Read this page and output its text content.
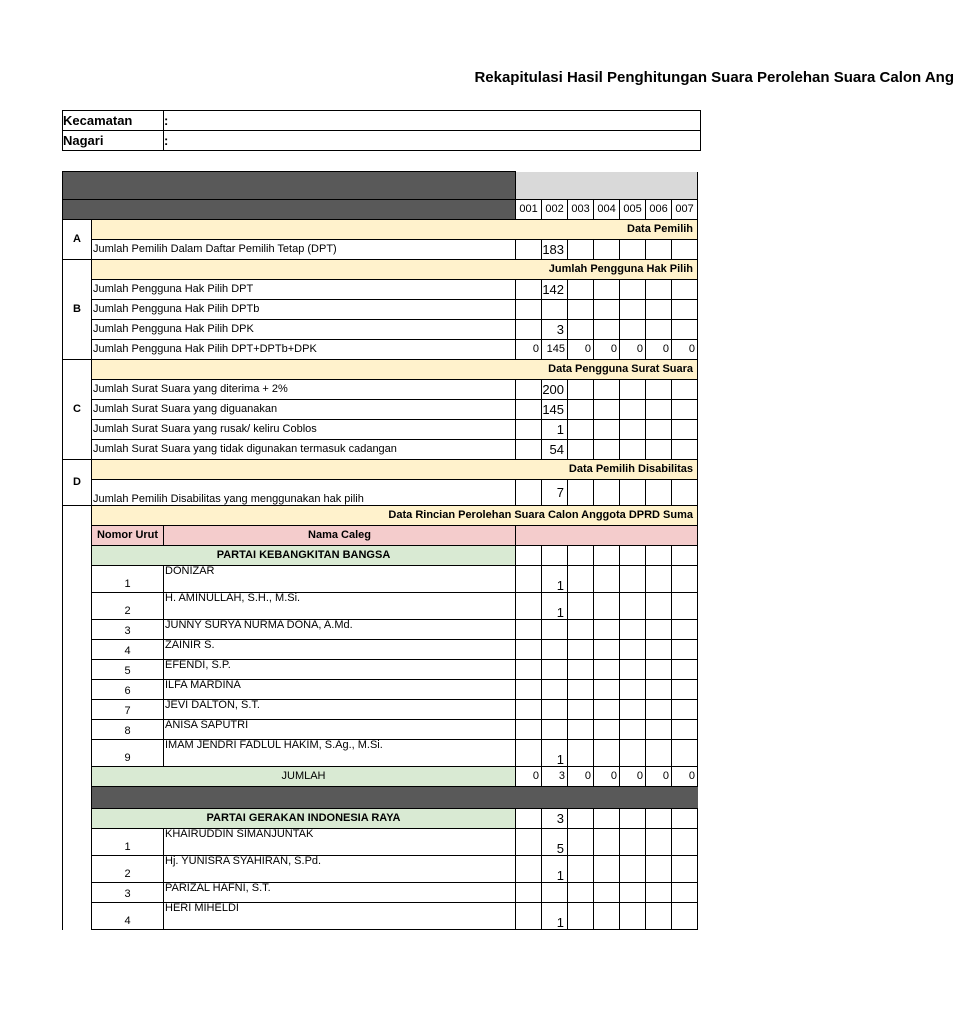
Rekapitulasi Hasil Penghitungan Suara Perolehan Suara Calon Ang
Kecamatan	:
Nagari	:

			001	002	003	004	005	006	007
A	Data Pemilih								
	Jumlah Pemilih Dalam Daftar Pemilih Tetap (DPT)			183					
B	Jumlah Pengguna Hak Pilih								
	Jumlah Pengguna Hak Pilih DPT			142					
	Jumlah Pengguna Hak Pilih DPTb								
	Jumlah Pengguna Hak Pilih DPK			3					
	Jumlah Pengguna Hak Pilih DPT+DPTb+DPK		0	145	0	0	0	0	0
C	Data Pengguna Surat Suara								
	Jumlah Surat Suara yang diterima + 2%			200					
	Jumlah Surat Suara yang diguanakan			145					
	Jumlah Surat Suara yang rusak/ keliru Coblos			1					
	Jumlah Surat Suara yang tidak digunakan termasuk cadangan			54					
D	Data Pemilih Disabilitas								
	Jumlah Pemilih Disabilitas yang menggunakan hak pilih			7					
	Data Rincian Perolehan Suara Calon Anggota DPRD Suma								
	Nomor Urut	Nama Caleg							
	PARTAI KEBANGKITAN BANGSA								
	1	DONIZAR		1					
	2	H. AMINULLAH, S.H., M.Si.		1					
	3	JUNNY SURYA NURMA DONA, A.Md.							
	4	ZAINIR S.							
	5	EFENDI, S.P.							
	6	ILFA MARDINA							
	7	JEVI DALTON, S.T.							
	8	ANISA SAPUTRI							
	9	IMAM JENDRI FADLUL HAKIM, S.Ag., M.Si.		1					
	JUMLAH		0	3	0	0	0	0	0

	PARTAI GERAKAN INDONESIA RAYA			3					
	1	KHAIRUDDIN SIMANJUNTAK		5					
	2	Hj. YUNISRA SYAHIRAN, S.Pd.		1					
	3	PARIZAL HAFNI, S.T.							
	4	HERI MIHELDI		1					
